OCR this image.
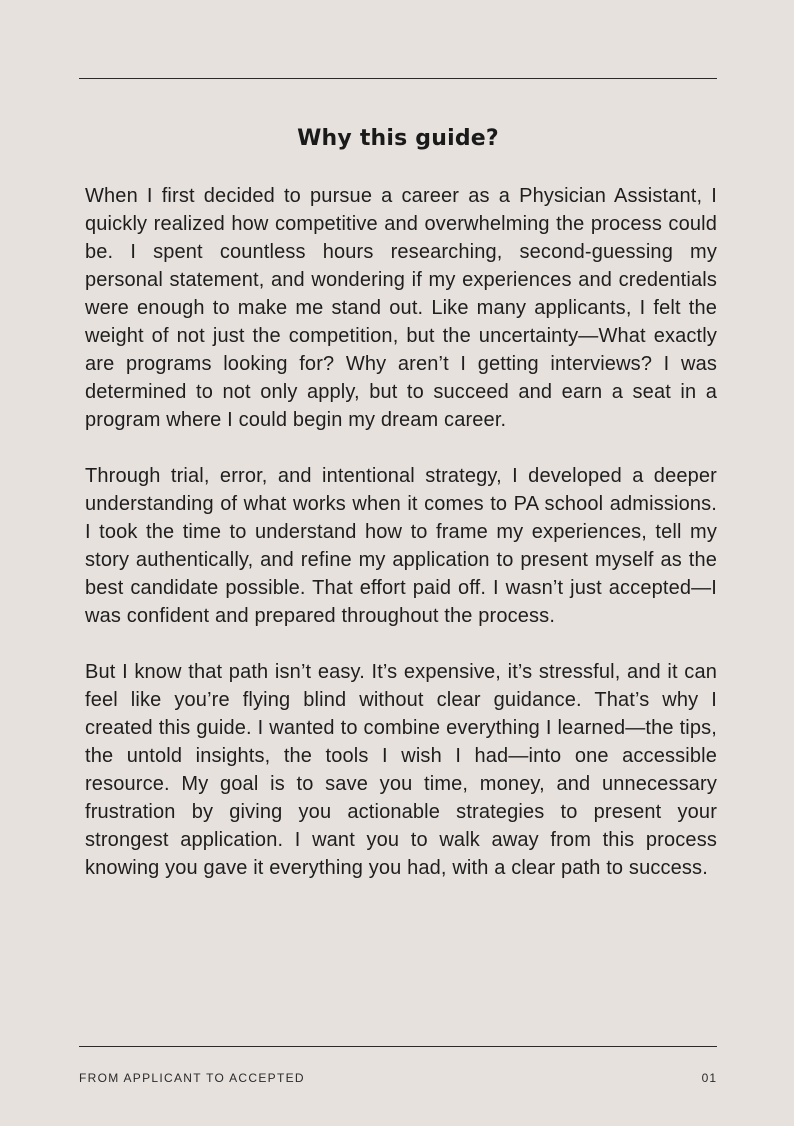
Why this guide?

When I first decided to pursue a career as a Physician Assistant, I quickly realized how competitive and overwhelming the process could be. I spent countless hours researching, second-guessing my personal statement, and wondering if my experiences and credentials were enough to make me stand out. Like many applicants, I felt the weight of not just the competition, but the uncertainty—What exactly are programs looking for? Why aren’t I getting interviews? I was determined to not only apply, but to succeed and earn a seat in a program where I could begin my dream career.

Through trial, error, and intentional strategy, I developed a deeper understanding of what works when it comes to PA school admissions. I took the time to understand how to frame my experiences, tell my story authentically, and refine my application to present myself as the best candidate possible. That effort paid off. I wasn’t just accepted—I was confident and prepared throughout the process.

But I know that path isn’t easy. It’s expensive, it’s stressful, and it can feel like you’re flying blind without clear guidance. That’s why I created this guide. I wanted to combine everything I learned—the tips, the untold insights, the tools I wish I had—into one accessible resource. My goal is to save you time, money, and unnecessary frustration by giving you actionable strategies to present your strongest application. I want you to walk away from this process knowing you gave it everything you had, with a clear path to success.

FROM APPLICANT TO ACCEPTED	01
